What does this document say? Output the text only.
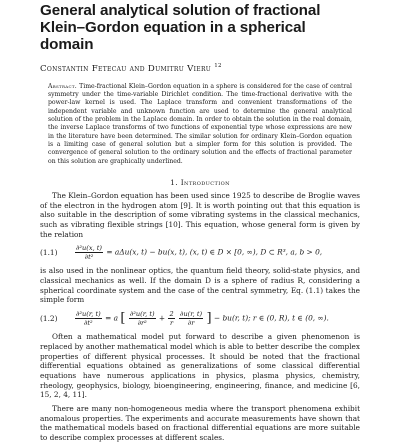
General analytical solution of fractional Klein–Gordon equation in a spherical domain
Constantin Fetecau and Dumitru Vieru $^{12}$
Abstract. Time-fractional Klein–Gordon equation in a sphere is considered for the case of central symmetry under the time-variable Dirichlet condition. The time-fractional derivative with the power-law kernel is used. The Laplace transform and convenient transformations of the independent variable and unknown function are used to determine the general analytical solution of the problem in the Laplace domain. In order to obtain the solution in the real domain, the inverse Laplace transforms of two functions of exponential type whose expressions are new in the literature have been determined. The similar solution for ordinary Klein–Gordon equation is a limiting case of general solution but a simpler form for this solution is provided. The convergence of general solution to the ordinary solution and the effects of fractional parameter on this solution are graphically underlined.
1. Introduction

The Klein–Gordon equation has been used since 1925 to describe de Broglie waves of the electron in the hydrogen atom [9]. It is worth pointing out that this equation is also suitable in the description of some vibrating systems in the classical mechanics, such as vibrating flexible strings [10]. This equation, whose general form is given by the relation

(1.1)	$\frac{\text{∂²u(x, t)}}{\text{∂t²}} = a\Delta u(x$, t) − bu(x, t), (x, t) ∈ D × [0, ∞), D ⊂ R³, a, b > 0,

is also used in the nonlinear optics, the quantum field theory, solid-state physics, and classical mechanics as well. If the domain D is a sphere of radius R, considering a spherical coordinate system and the case of the central symmetry, Eq. (1.1) takes the simple form

(1.2)	$\frac{\text{∂²u(r, t)}}{\text{∂t²}} = a$ [ $\frac{\text{∂²u(r, t)}}{\text{∂r²}} + \frac{2}{r}$
$\frac{\partial u(r, t)}{\partial r}$ ] − bu(r, t); r ∈ (0, R), t ∈ (0, ∞).

Often a mathematical model put forward to describe a given phenomenon is replaced by another mathematical model which is able to better describe the complex properties of different physical processes. It should be noted that the fractional differential equations obtained as generalizations of some classical differential equations have numerous applications in physics, plasma physics, chemistry, rheology, geophysics, biology, bioengineering, engineering, finance, and medicine [6, 15, 2, 4, 11].

There are many non-homogeneous media where the transport phenomena exhibit anomalous properties. The experiments and accurate measurements have shown that the mathematical models based on fractional differential equations are more suitable to describe complex processes at different scales.
